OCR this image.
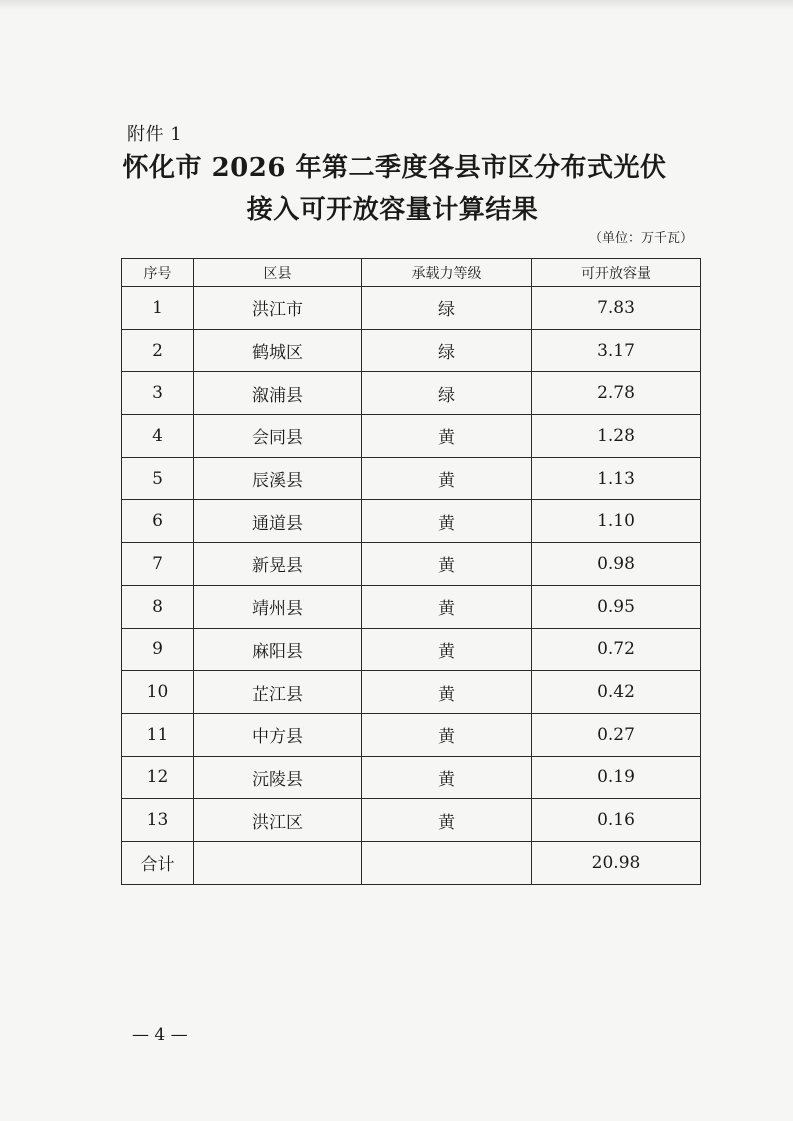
附件 1
怀化市 2026 年第二季度各县市区分布式光伏
接入可开放容量计算结果
（单位：万千瓦）
序号	区县	承载力等级	可开放容量
1	洪江市	绿	7.83
2	鹤城区	绿	3.17
3	溆浦县	绿	2.78
4	会同县	黄	1.28
5	辰溪县	黄	1.13
6	通道县	黄	1.10
7	新晃县	黄	0.98
8	靖州县	黄	0.95
9	麻阳县	黄	0.72
10	芷江县	黄	0.42
11	中方县	黄	0.27
12	沅陵县	黄	0.19
13	洪江区	黄	0.16
合计			20.98
— 4 —
